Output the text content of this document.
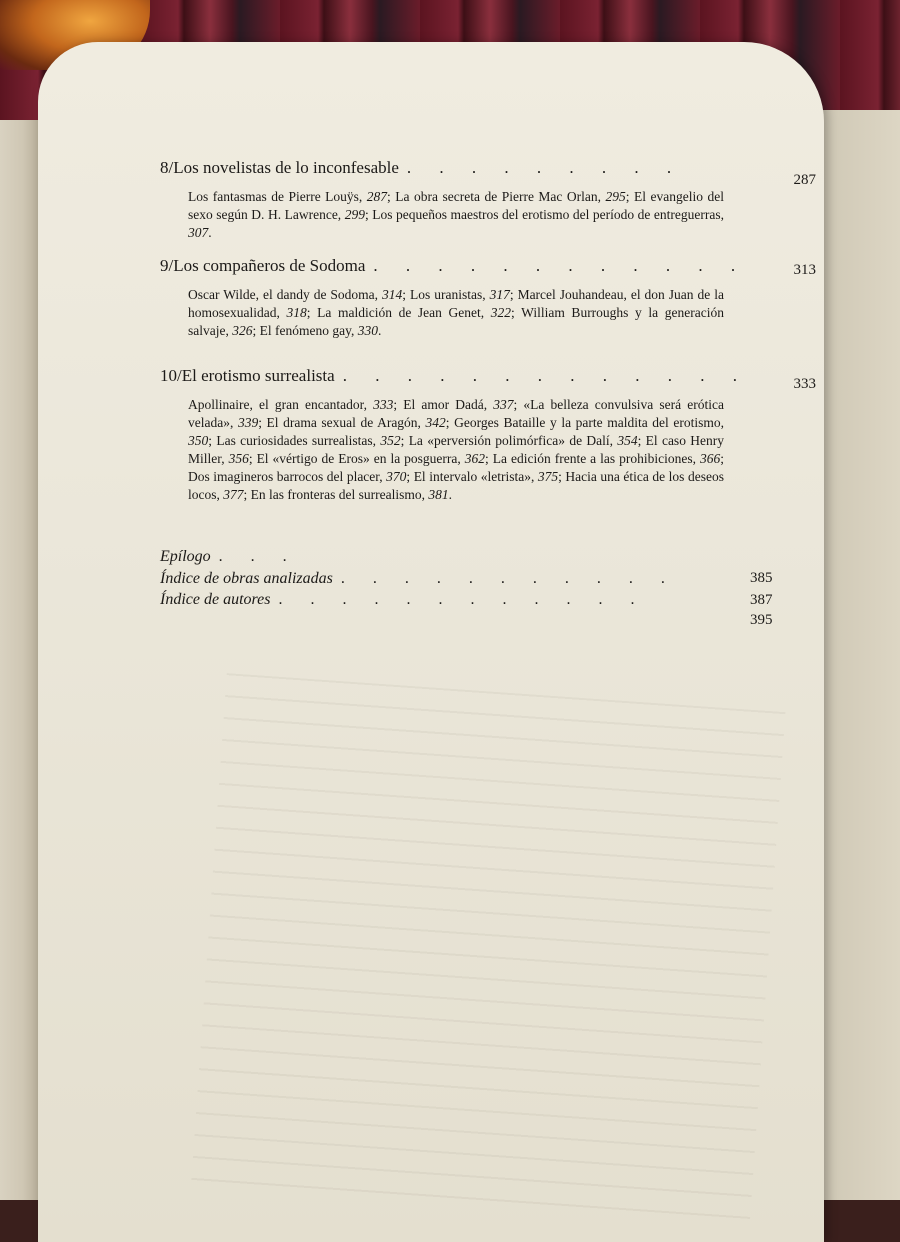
8/Los novelistas de lo inconfesable . . . . . . . . .
287
Los fantasmas de Pierre Louÿs, 287; La obra secreta de Pierre Mac Orlan, 295; El evangelio del sexo según D. H. Lawrence, 299; Los pequeños maestros del erotismo del período de entreguerras, 307.
9/Los compañeros de Sodoma . . . . . . . . . . . .	313
Oscar Wilde, el dandy de Sodoma, 314; Los uranistas, 317; Marcel Jouhandeau, el don Juan de la homosexualidad, 318; La maldición de Jean Genet, 322; William Burroughs y la generación salvaje, 326; El fenómeno gay, 330.
10/El erotismo surrealista . . . . . . . . . . . . .	333
Apollinaire, el gran encantador, 333; El amor Dadá, 337; «La belleza convulsiva será erótica velada», 339; El drama sexual de Aragón, 342; Georges Bataille y la parte maldita del erotismo, 350; Las curiosidades surrealistas, 352; La «perversión polimórfica» de Dalí, 354; El caso Henry Miller, 356; El «vértigo de Eros» en la posguerra, 362; La edición frente a las prohibiciones, 366; Dos imagineros barrocos del placer, 370; El intervalo «letrista», 375; Hacia una ética de los deseos locos, 377; En las fronteras del surrealismo, 381.
Epílogo . . .
385
Índice de obras analizadas . . . . . . . . . . .
387
Índice de autores . . . . . . . . . . . .
395
